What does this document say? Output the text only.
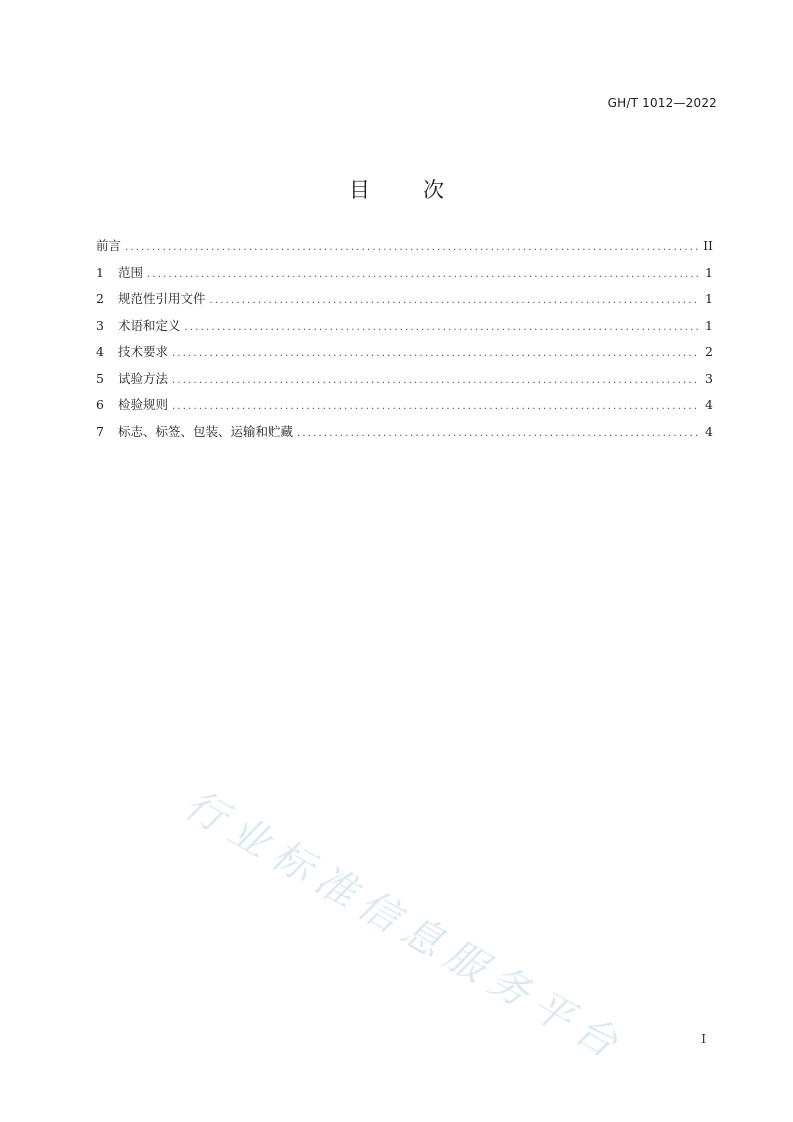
GH/T 1012—2022
目　次
前言 .....	II
1	范围 .....	1
2	规范性引用文件 .....	1
3	术语和定义 .....	1
4	技术要求 .....	2
5	试验方法 .....	3
6	检验规则 .....	4
7	标志、标签、包装、运输和贮藏 .....	4
行业标准信息服务平台	I
